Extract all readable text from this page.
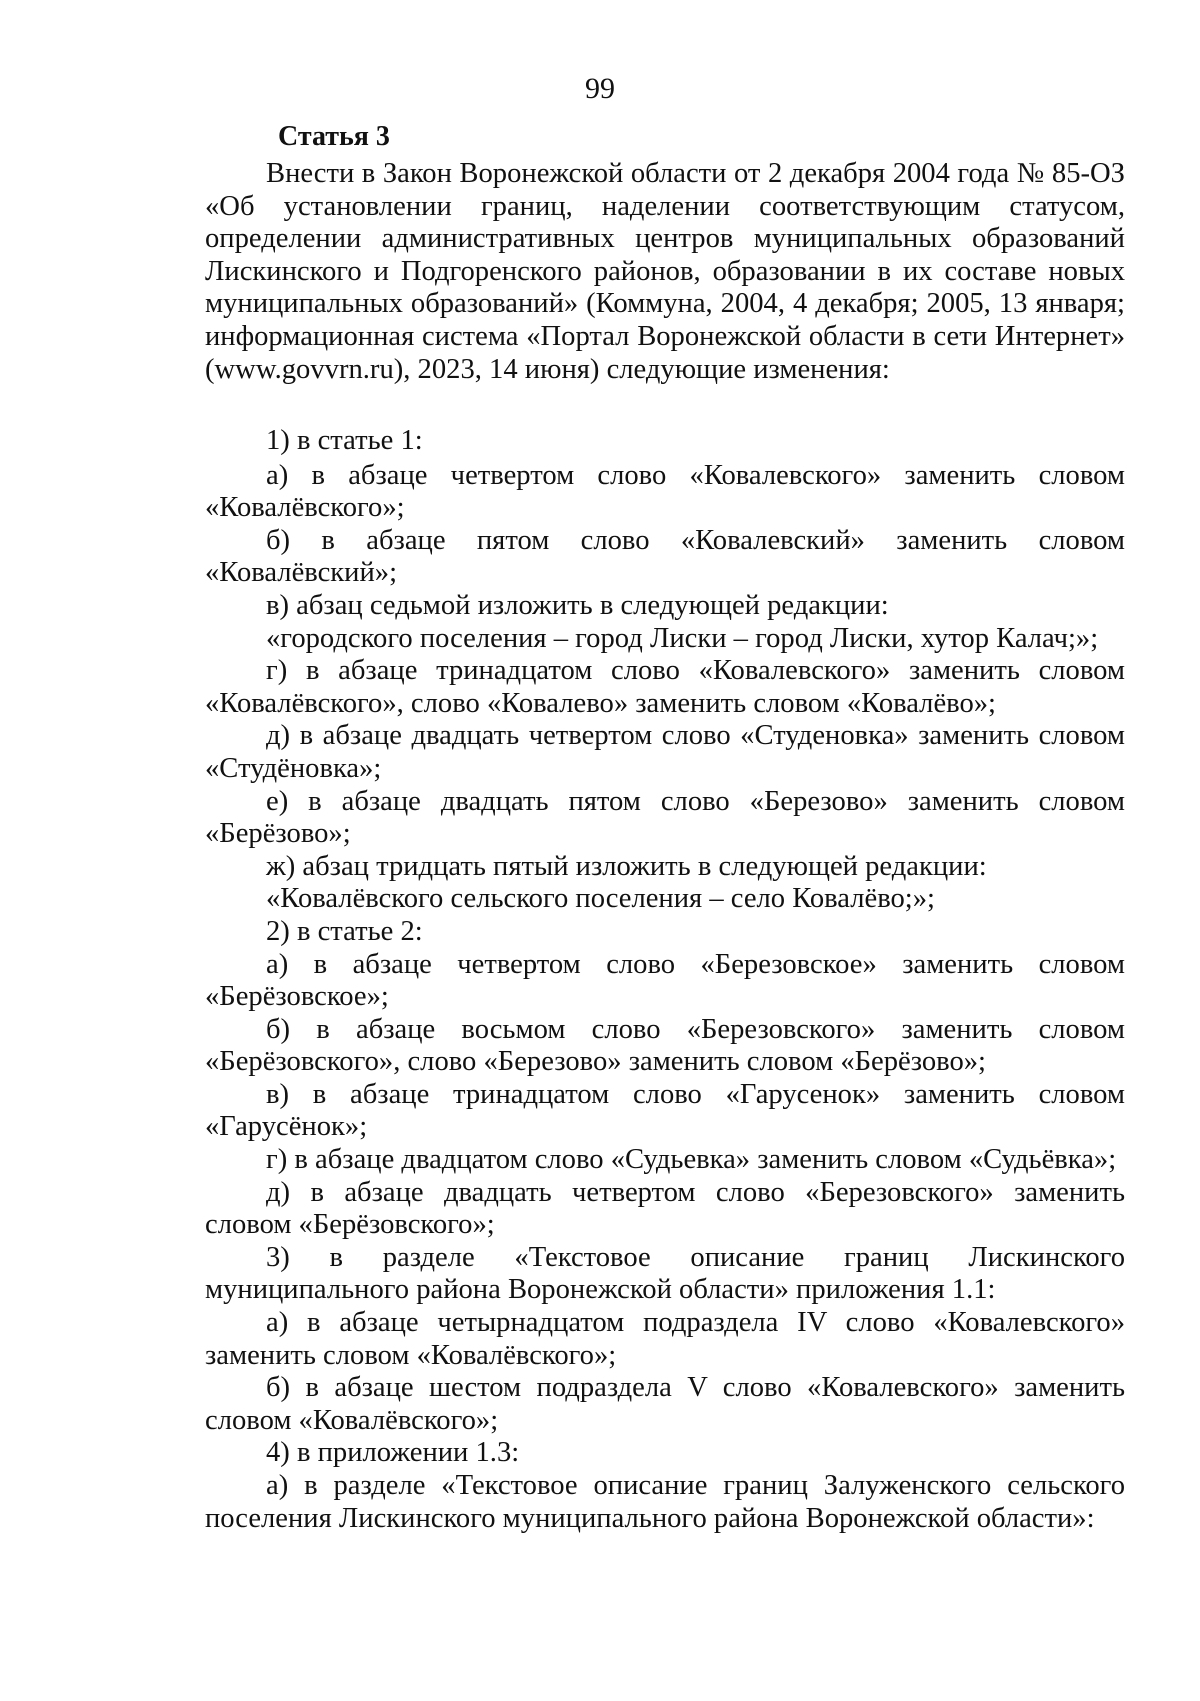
99
Статья 3

Внести в Закон Воронежской области от 2 декабря 2004 года № 85-ОЗ «Об установлении границ, наделении соответствующим статусом, определении административных центров муниципальных образований Лискинского и Подгоренского районов, образовании в их составе новых муниципальных образований» (Коммуна, 2004, 4 декабря; 2005, 13 января; информационная система «Портал Воронежской области в сети Интернет» (www.govvrn.ru), 2023, 14 июня) следующие изменения:

1) в статье 1:

а) в абзаце четвертом слово «Ковалевского» заменить словом «Ковалёвского»;

б) в абзаце пятом слово «Ковалевский» заменить словом «Ковалёвский»;

в) абзац седьмой изложить в следующей редакции:

«городского поселения – город Лиски – город Лиски, хутор Калач;»;

г) в абзаце тринадцатом слово «Ковалевского» заменить словом «Ковалёвского», слово «Ковалево» заменить словом «Ковалёво»;

д) в абзаце двадцать четвертом слово «Студеновка» заменить словом «Студёновка»;

е) в абзаце двадцать пятом слово «Березово» заменить словом «Берёзово»;

ж) абзац тридцать пятый изложить в следующей редакции:

«Ковалёвского сельского поселения – село Ковалёво;»;

2) в статье 2:

а) в абзаце четвертом слово «Березовское» заменить словом «Берёзовское»;

б) в абзаце восьмом слово «Березовского» заменить словом «Берёзовского», слово «Березово» заменить словом «Берёзово»;

в) в абзаце тринадцатом слово «Гарусенок» заменить словом «Гарусёнок»;

г) в абзаце двадцатом слово «Судьевка» заменить словом «Судьёвка»;

д) в абзаце двадцать четвертом слово «Березовского» заменить словом «Берёзовского»;

3) в разделе «Текстовое описание границ Лискинского муниципального района Воронежской области» приложения 1.1:

а) в абзаце четырнадцатом подраздела IV слово «Ковалевского» заменить словом «Ковалёвского»;

б) в абзаце шестом подраздела V слово «Ковалевского» заменить словом «Ковалёвского»;

4) в приложении 1.3:

а) в разделе «Текстовое описание границ Залуженского сельского поселения Лискинского муниципального района Воронежской области»:
